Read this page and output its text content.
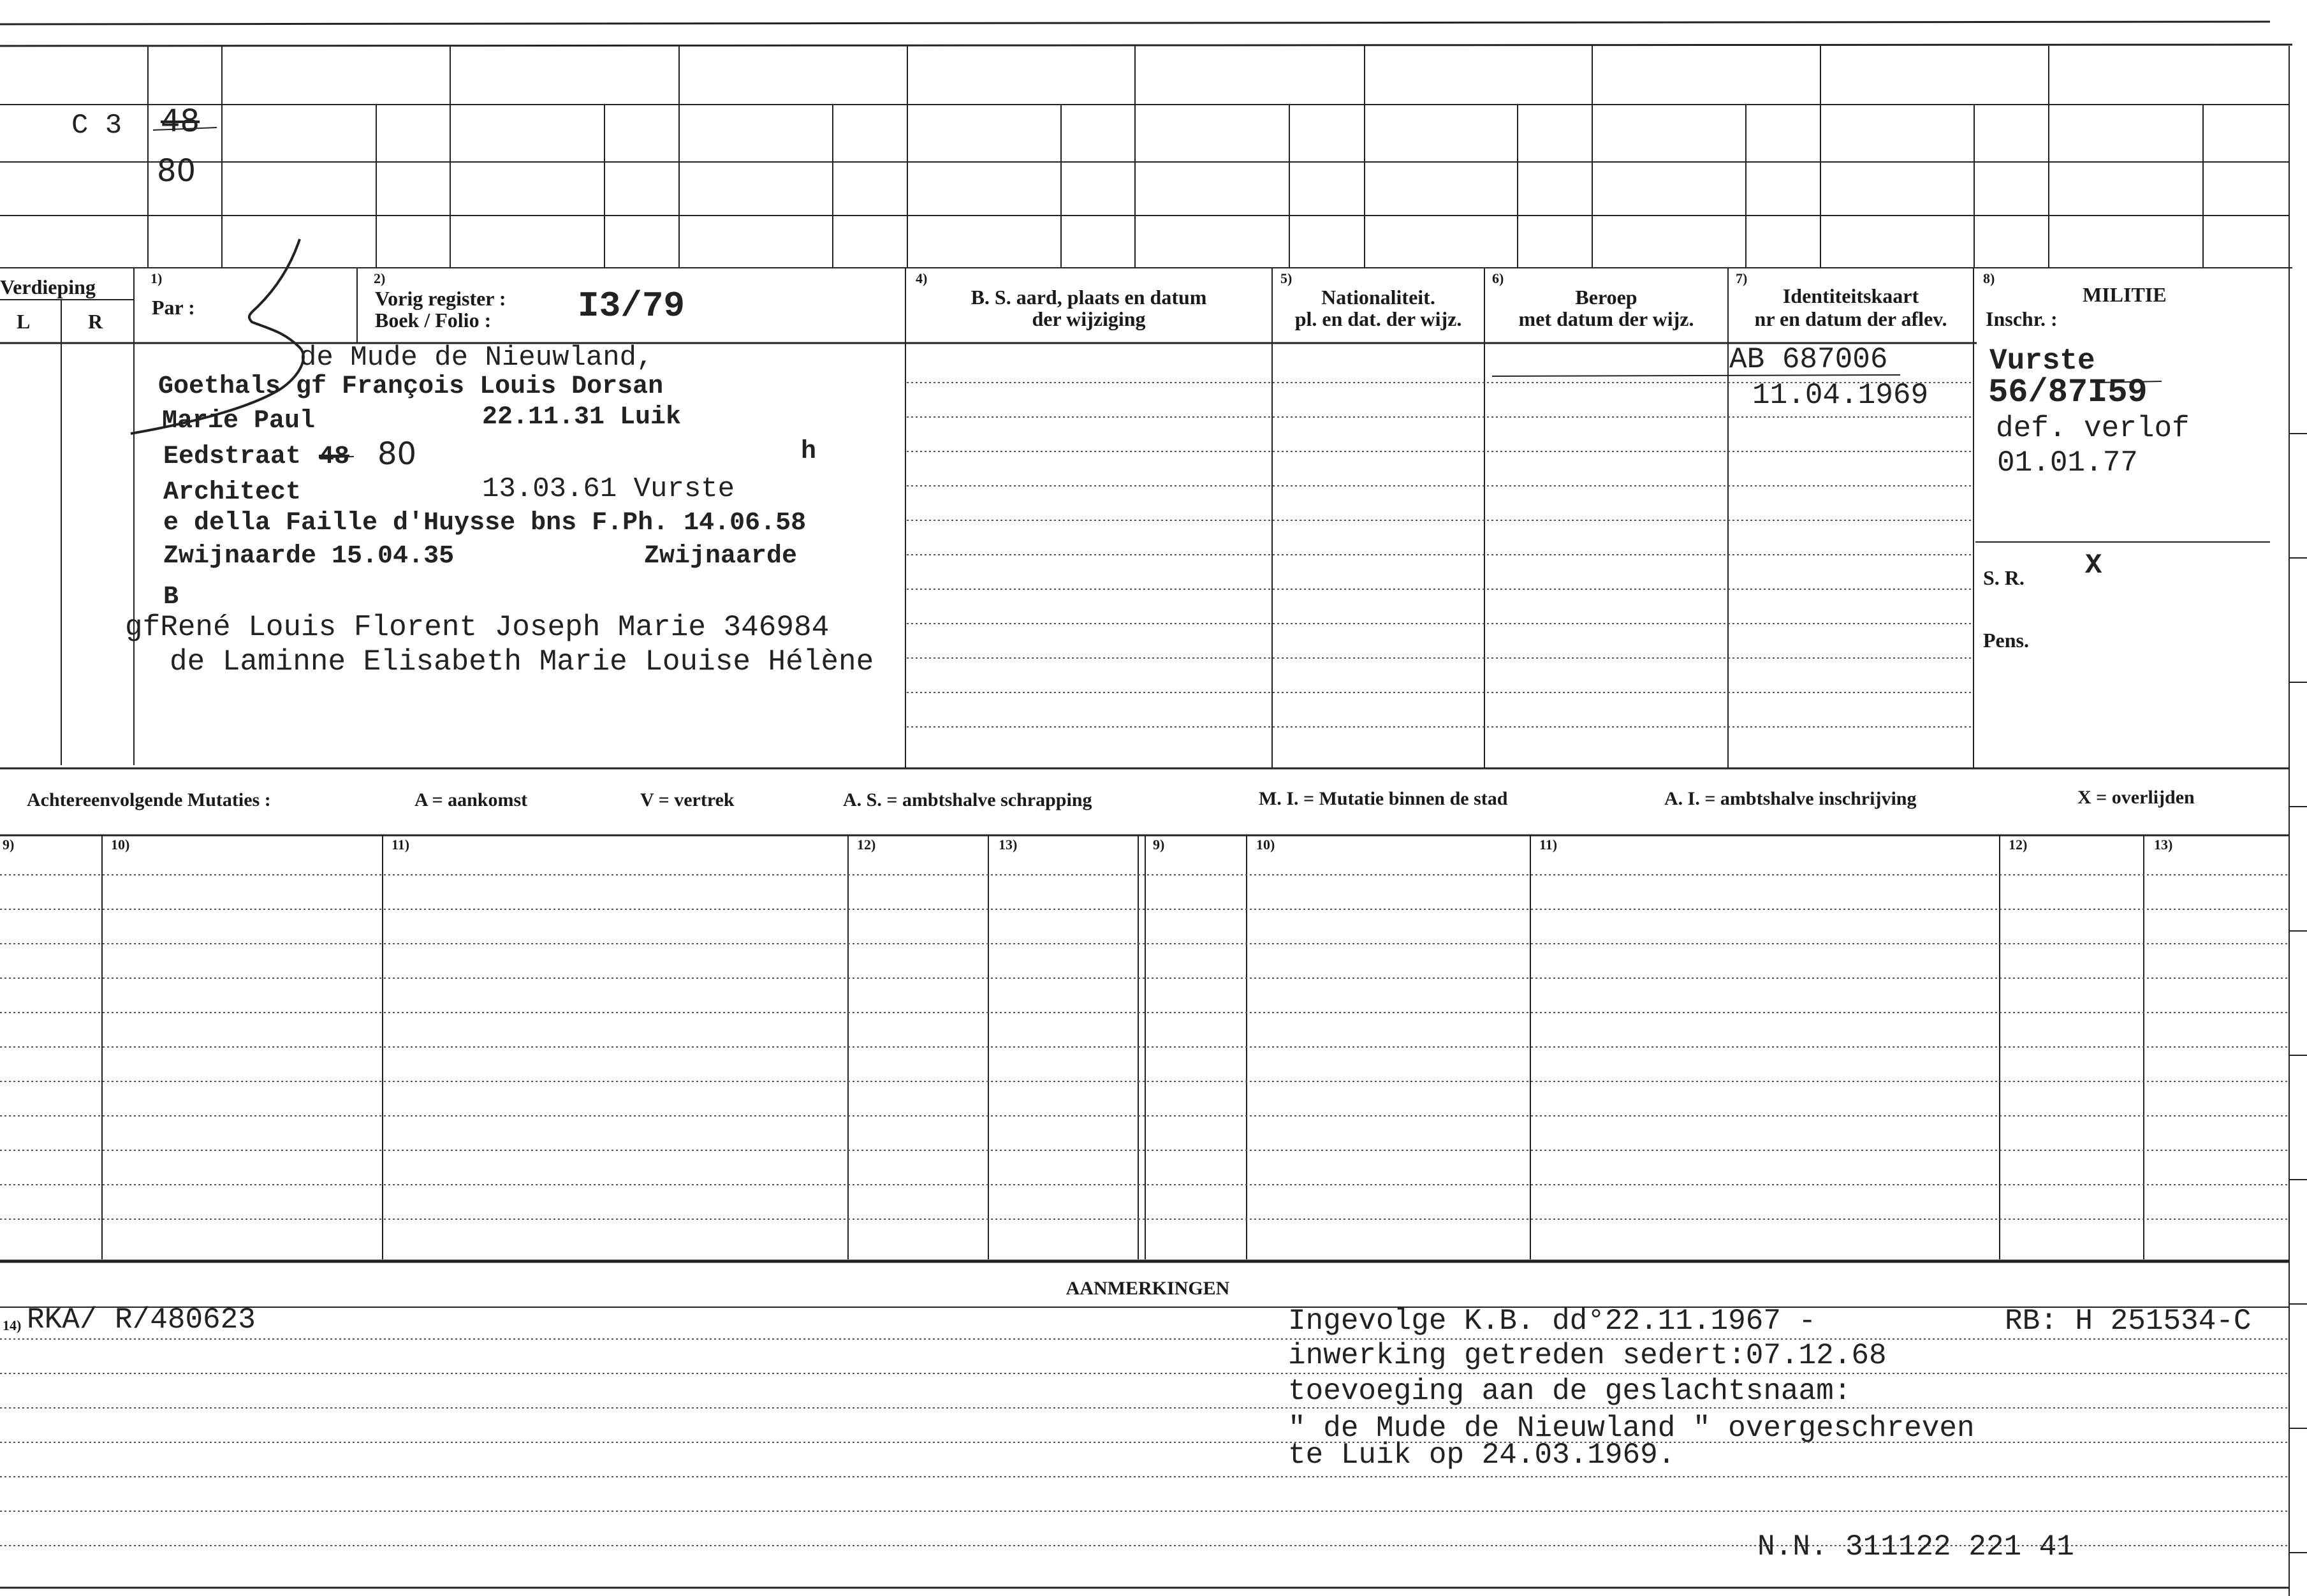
C 3 48
80
Verdieping
L	R
1)
Par :
2)
Vorig register :
Boek / Folio : I3/79
4)
B. S. aard, plaats en datum
der wijziging
5)
Nationaliteit.
pl. en dat. der wijz.
6)
Beroep
met datum der wijz.
7)
Identiteitskaart
nr en datum der aflev.
8)
MILITIE
Inschr. :
de Mude de Nieuwland,
Goethals gf François Louis Dorsan
Marie Paul	22.11.31 Luik
Eedstraat 48 80	h
Architect	13.03.61 Vurste
e della Faille d'Huysse bns F.Ph. 14.06.58
Zwijnaarde 15.04.35	Zwijnaarde
B
gfRené Louis Florent Joseph Marie 346984
de Laminne Elisabeth Marie Louise Hélène
AB 687006
11.04.1969
Vurste
56/87I59
def. verlof
01.01.77
S. R. X
Pens.
Achtereenvolgende Mutaties :	A = aankomst	V = vertrek	A. S. = ambtshalve schrapping	M. I. = Mutatie binnen de stad	A. I. = ambtshalve inschrijving	X = overlijden
9)	10)	11)	12)	13)	9)	10)	11)	12)	13)
AANMERKINGEN
14) RKA/ R/480623	Ingevolge K.B. dd°22.11.1967 -	RB: H 251534-C
inwerking getreden sedert:07.12.68
toevoeging aan de geslachtsnaam:
" de Mude de Nieuwland " overgeschreven
te Luik op 24.03.1969.
N.N. 311122 221 41
